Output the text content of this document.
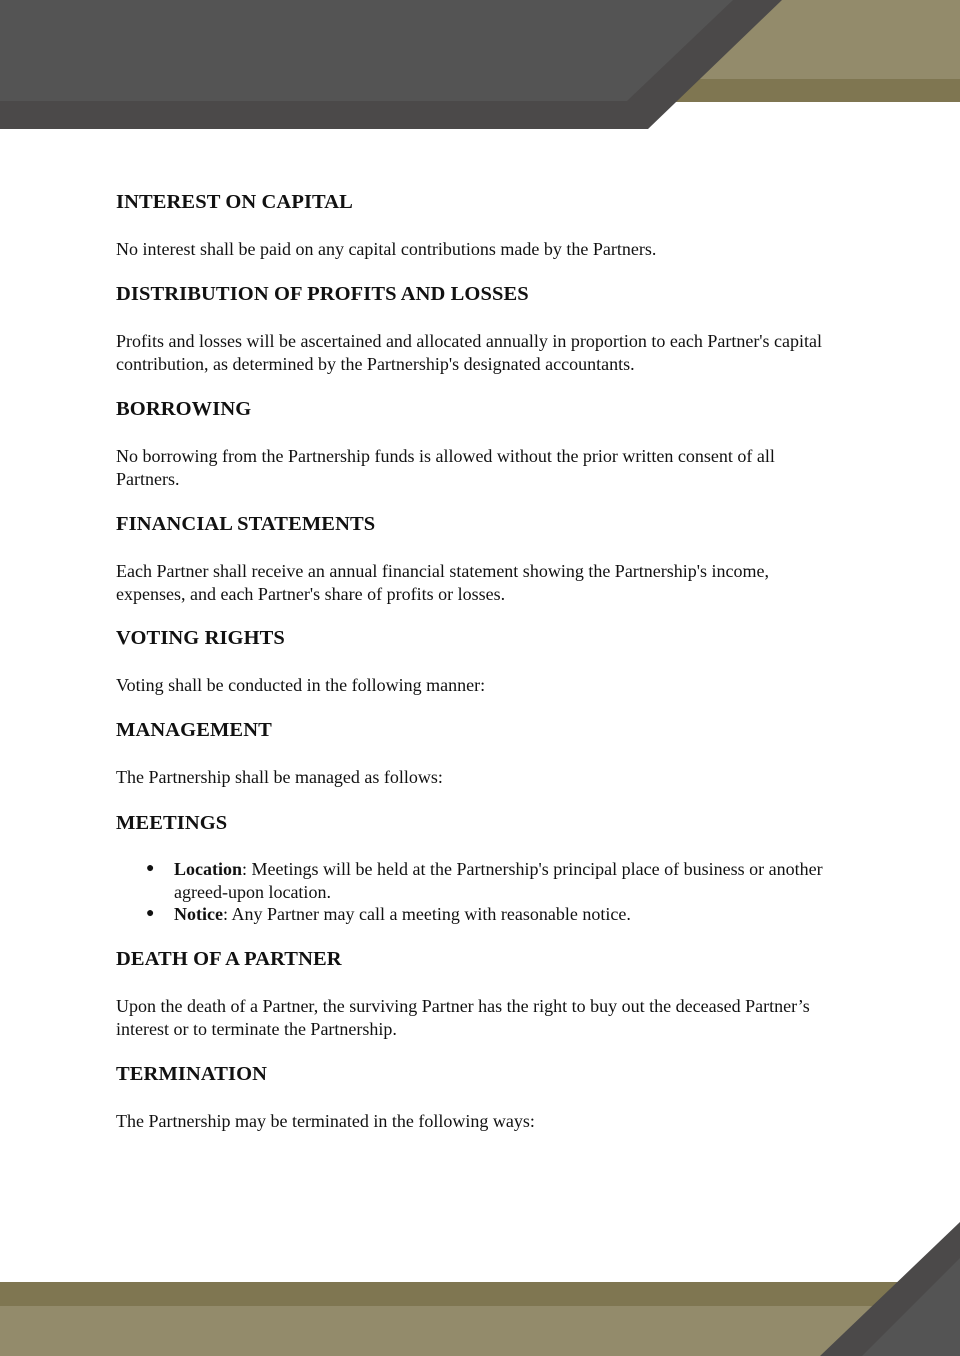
INTEREST ON CAPITAL

No interest shall be paid on any capital contributions made by the Partners.

DISTRIBUTION OF PROFITS AND LOSSES

Profits and losses will be ascertained and allocated annually in proportion to each Partner's capital contribution, as determined by the Partnership's designated accountants.

BORROWING

No borrowing from the Partnership funds is allowed without the prior written consent of all Partners.

FINANCIAL STATEMENTS

Each Partner shall receive an annual financial statement showing the Partnership's income, expenses, and each Partner's share of profits or losses.

VOTING RIGHTS

Voting shall be conducted in the following manner:

MANAGEMENT

The Partnership shall be managed as follows:

MEETINGS
● Location: Meetings will be held at the Partnership's principal place of business or another agreed-upon location.
● Notice: Any Partner may call a meeting with reasonable notice.
DEATH OF A PARTNER

Upon the death of a Partner, the surviving Partner has the right to buy out the deceased Partner’s interest or to terminate the Partnership.

TERMINATION

The Partnership may be terminated in the following ways:
